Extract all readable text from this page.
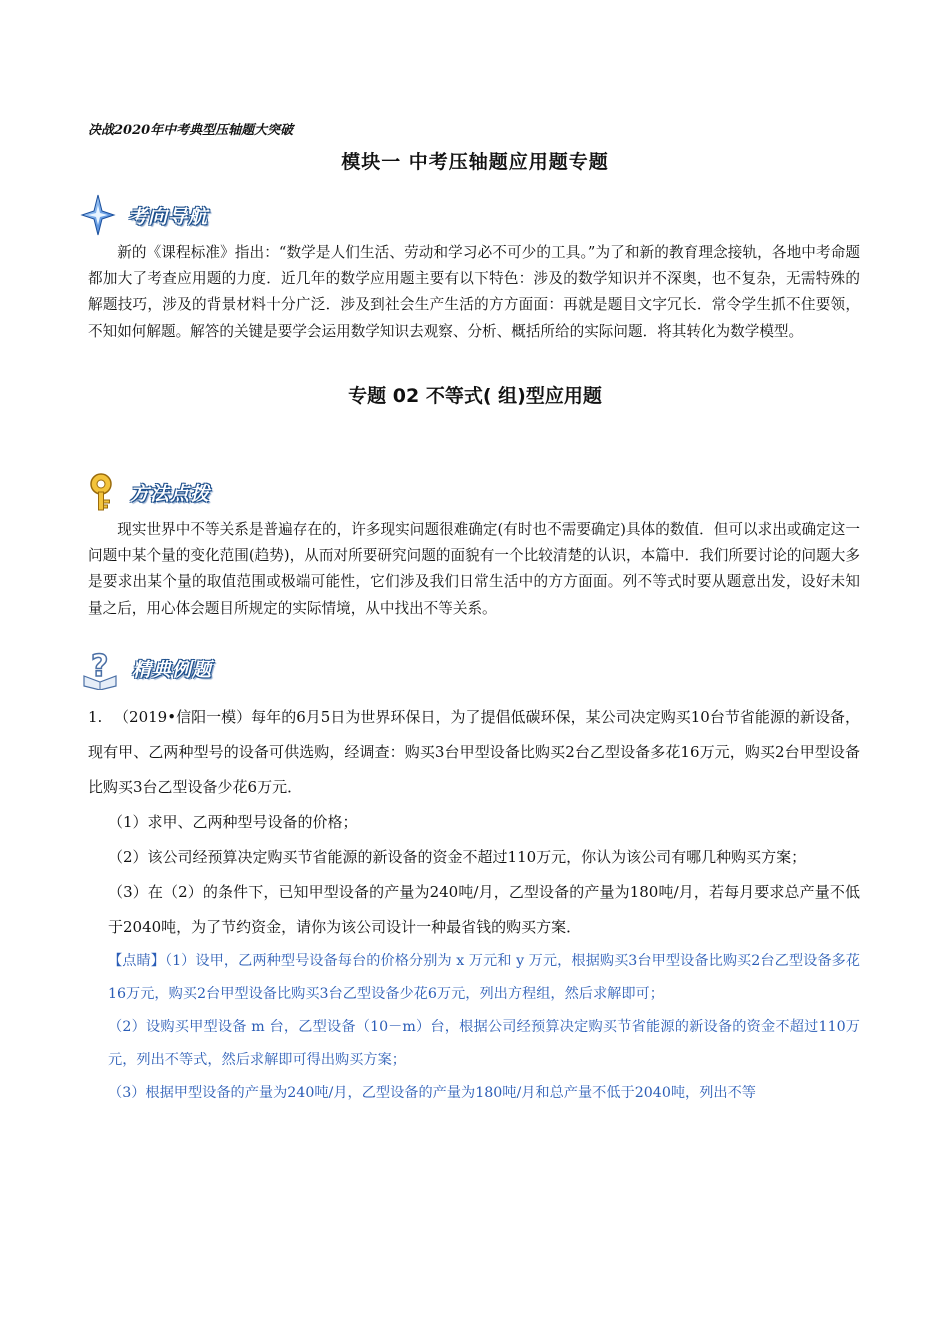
决战2020年中考典型压轴题大突破
模块一 中考压轴题应用题专题
考向导航
新的《课程标准》指出：“数学是人们生活、劳动和学习必不可少的工具。”为了和新的教育理念接轨，各地中考命题都加大了考查应用题的力度．近几年的数学应用题主要有以下特色：涉及的数学知识并不深奥，也不复杂，无需特殊的解题技巧，涉及的背景材料十分广泛．涉及到社会生产生活的方方面面：再就是题目文字冗长．常令学生抓不住要领，不知如何解题。解答的关键是要学会运用数学知识去观察、分析、概括所给的实际问题．将其转化为数学模型。
专题 02 不等式( 组)型应用题
方法点拨
现实世界中不等关系是普遍存在的，许多现实问题很难确定(有时也不需要确定)具体的数值．但可以求出或确定这一问题中某个量的变化范围(趋势)，从而对所要研究问题的面貌有一个比较清楚的认识，本篇中．我们所要讨论的问题大多是要求出某个量的取值范围或极端可能性，它们涉及我们日常生活中的方方面面。列不等式时要从题意出发，设好未知量之后，用心体会题目所规定的实际情境，从中找出不等关系。
? 精典例题

1. （2019•信阳一模）每年的6月5日为世界环保日，为了提倡低碳环保，某公司决定购买10台节省能源的新设备，现有甲、乙两种型号的设备可供选购，经调查：购买3台甲型设备比购买2台乙型设备多花16万元，购买2台甲型设备比购买3台乙型设备少花6万元．

（1）求甲、乙两种型号设备的价格；

（2）该公司经预算决定购买节省能源的新设备的资金不超过110万元，你认为该公司有哪几种购买方案；

（3）在（2）的条件下，已知甲型设备的产量为240吨/月，乙型设备的产量为180吨/月，若每月要求总产量不低于2040吨，为了节约资金，请你为该公司设计一种最省钱的购买方案．

【点睛】（1）设甲，乙两种型号设备每台的价格分别为 x 万元和 y 万元，根据购买3台甲型设备比购买2台乙型设备多花16万元，购买2台甲型设备比购买3台乙型设备少花6万元，列出方程组，然后求解即可；

（2）设购买甲型设备 m 台，乙型设备（10－m）台，根据公司经预算决定购买节省能源的新设备的资金不超过110万元，列出不等式，然后求解即可得出购买方案；

（3）根据甲型设备的产量为240吨/月，乙型设备的产量为180吨/月和总产量不低于2040吨，列出不等
